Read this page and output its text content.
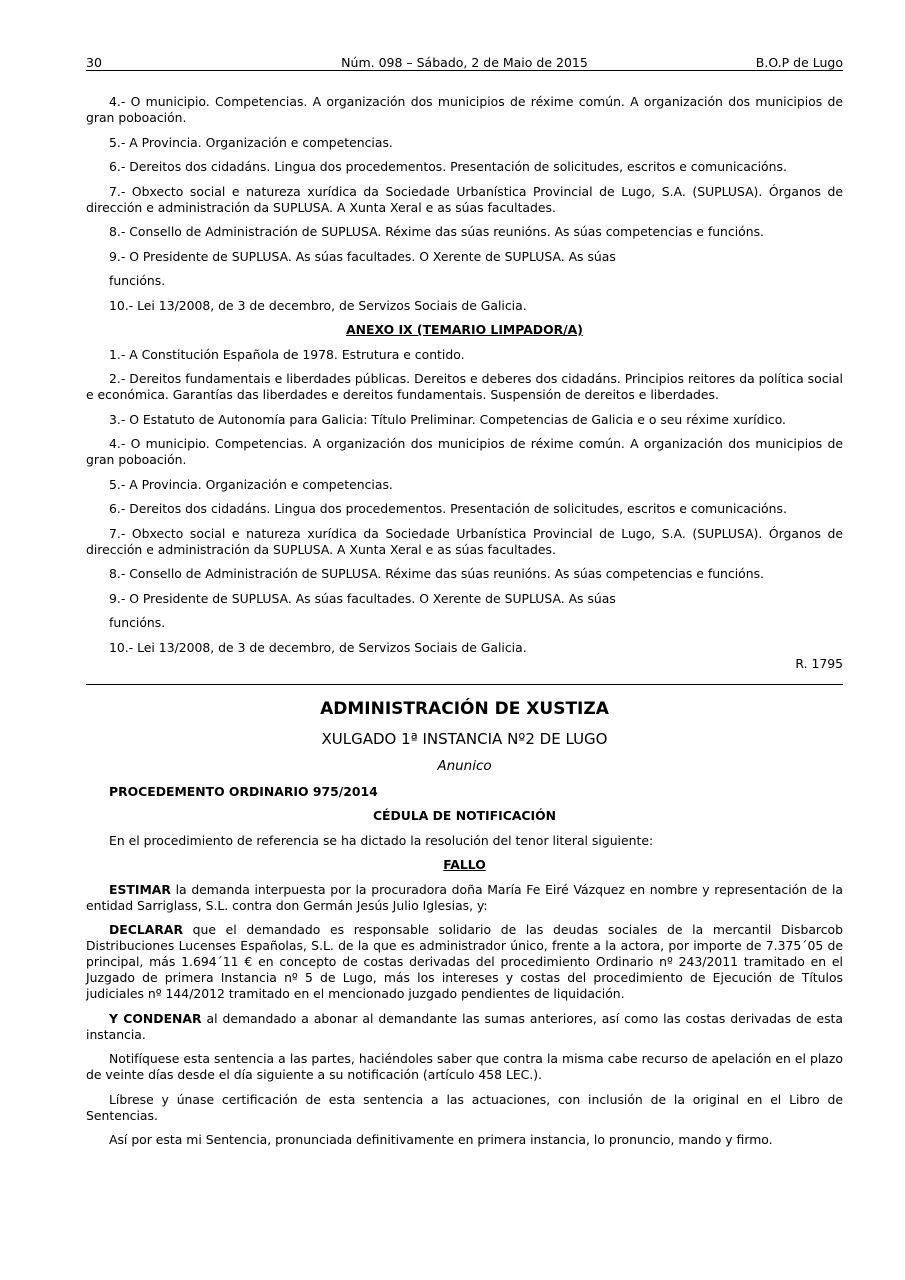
30	Núm. 098 – Sábado, 2 de Maio de 2015	B.O.P de Lugo

4.- O municipio. Competencias. A organización dos municipios de réxime común. A organización dos municipios de gran poboación.

5.- A Provincia. Organización e competencias.

6.- Dereitos dos cidadáns. Lingua dos procedementos. Presentación de solicitudes, escritos e comunicacións.

7.- Obxecto social e natureza xurídica da Sociedade Urbanística Provincial de Lugo, S.A. (SUPLUSA). Órganos de dirección e administración da SUPLUSA. A Xunta Xeral e as súas facultades.

8.- Consello de Administración de SUPLUSA. Réxime das súas reunións. As súas competencias e funcións.

9.- O Presidente de SUPLUSA. As súas facultades. O Xerente de SUPLUSA. As súas

funcións.

10.- Lei 13/2008, de 3 de decembro, de Servizos Sociais de Galicia.

ANEXO IX (TEMARIO LIMPADOR/A)

1.- A Constitución Española de 1978. Estrutura e contido.

2.- Dereitos fundamentais e liberdades públicas. Dereitos e deberes dos cidadáns. Principios reitores da política social e económica. Garantías das liberdades e dereitos fundamentais. Suspensión de dereitos e liberdades.

3.- O Estatuto de Autonomía para Galicia: Título Preliminar. Competencias de Galicia e o seu réxime xurídico.

4.- O municipio. Competencias. A organización dos municipios de réxime común. A organización dos municipios de gran poboación.

5.- A Provincia. Organización e competencias.

6.- Dereitos dos cidadáns. Lingua dos procedementos. Presentación de solicitudes, escritos e comunicacións.

7.- Obxecto social e natureza xurídica da Sociedade Urbanística Provincial de Lugo, S.A. (SUPLUSA). Órganos de dirección e administración da SUPLUSA. A Xunta Xeral e as súas facultades.

8.- Consello de Administración de SUPLUSA. Réxime das súas reunións. As súas competencias e funcións.

9.- O Presidente de SUPLUSA. As súas facultades. O Xerente de SUPLUSA. As súas

funcións.

10.- Lei 13/2008, de 3 de decembro, de Servizos Sociais de Galicia.

R. 1795

ADMINISTRACIÓN DE XUSTIZA
XULGADO 1ª INSTANCIA Nº2 DE LUGO
Anunico

PROCEDEMENTO ORDINARIO 975/2014

CÉDULA DE NOTIFICACIÓN

En el procedimiento de referencia se ha dictado la resolución del tenor literal siguiente:

FALLO

ESTIMAR la demanda interpuesta por la procuradora doña María Fe Eiré Vázquez en nombre y representación de la entidad Sarriglass, S.L. contra don Germán Jesús Julio Iglesias, y:

DECLARAR que el demandado es responsable solidario de las deudas sociales de la mercantil Disbarcob Distribuciones Lucenses Españolas, S.L. de la que es administrador único, frente a la actora, por importe de 7.375´05 de principal, más 1.694´11 € en concepto de costas derivadas del procedimiento Ordinario nº 243/2011 tramitado en el Juzgado de primera Instancia nº 5 de Lugo, más los intereses y costas del procedimiento de Ejecución de Títulos judiciales nº 144/2012 tramitado en el mencionado juzgado pendientes de liquidación.

Y CONDENAR al demandado a abonar al demandante las sumas anteriores, así como las costas derivadas de esta instancia.

Notifíquese esta sentencia a las partes, haciéndoles saber que contra la misma cabe recurso de apelación en el plazo de veinte días desde el día siguiente a su notificación (artículo 458 LEC.).

Líbrese y únase certificación de esta sentencia a las actuaciones, con inclusión de la original en el Libro de Sentencias.

Así por esta mi Sentencia, pronunciada definitivamente en primera instancia, lo pronuncio, mando y firmo.
